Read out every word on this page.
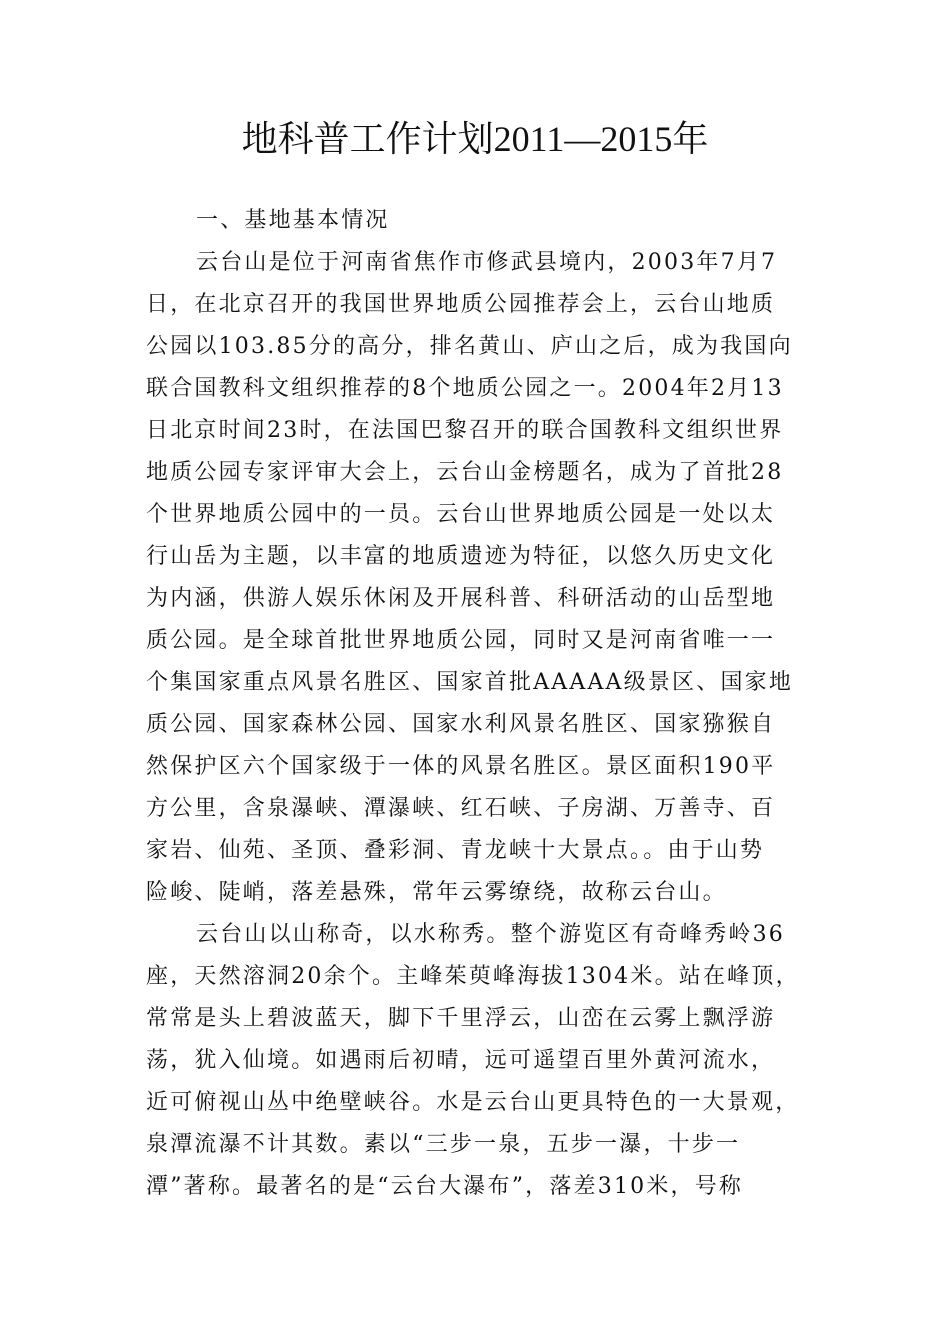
地科普工作计划2011—2015年
一、基地基本情况
云台山是位于河南省焦作市修武县境内，2003年7月7
日，在北京召开的我国世界地质公园推荐会上，云台山地质
公园以103.85分的高分，排名黄山、庐山之后，成为我国向
联合国教科文组织推荐的8个地质公园之一。2004年2月13
日北京时间23时，在法国巴黎召开的联合国教科文组织世界
地质公园专家评审大会上，云台山金榜题名，成为了首批28
个世界地质公园中的一员。云台山世界地质公园是一处以太
行山岳为主题，以丰富的地质遗迹为特征，以悠久历史文化
为内涵，供游人娱乐休闲及开展科普、科研活动的山岳型地
质公园。是全球首批世界地质公园，同时又是河南省唯一一
个集国家重点风景名胜区、国家首批AAAAA级景区、国家地
质公园、国家森林公园、国家水利风景名胜区、国家猕猴自
然保护区六个国家级于一体的风景名胜区。景区面积190平
方公里，含泉瀑峡、潭瀑峡、红石峡、子房湖、万善寺、百
家岩、仙苑、圣顶、叠彩洞、青龙峡十大景点。。由于山势
险峻、陡峭，落差悬殊，常年云雾缭绕，故称云台山。
云台山以山称奇，以水称秀。整个游览区有奇峰秀岭36
座，天然溶洞20余个。主峰茱萸峰海拔1304米。站在峰顶，
常常是头上碧波蓝天，脚下千里浮云，山峦在云雾上飘浮游
荡，犹入仙境。如遇雨后初晴，远可遥望百里外黄河流水，
近可俯视山丛中绝壁峡谷。水是云台山更具特色的一大景观，
泉潭流瀑不计其数。素以“三步一泉，五步一瀑，十步一
潭”著称。最著名的是“云台大瀑布”，落差310米，号称
